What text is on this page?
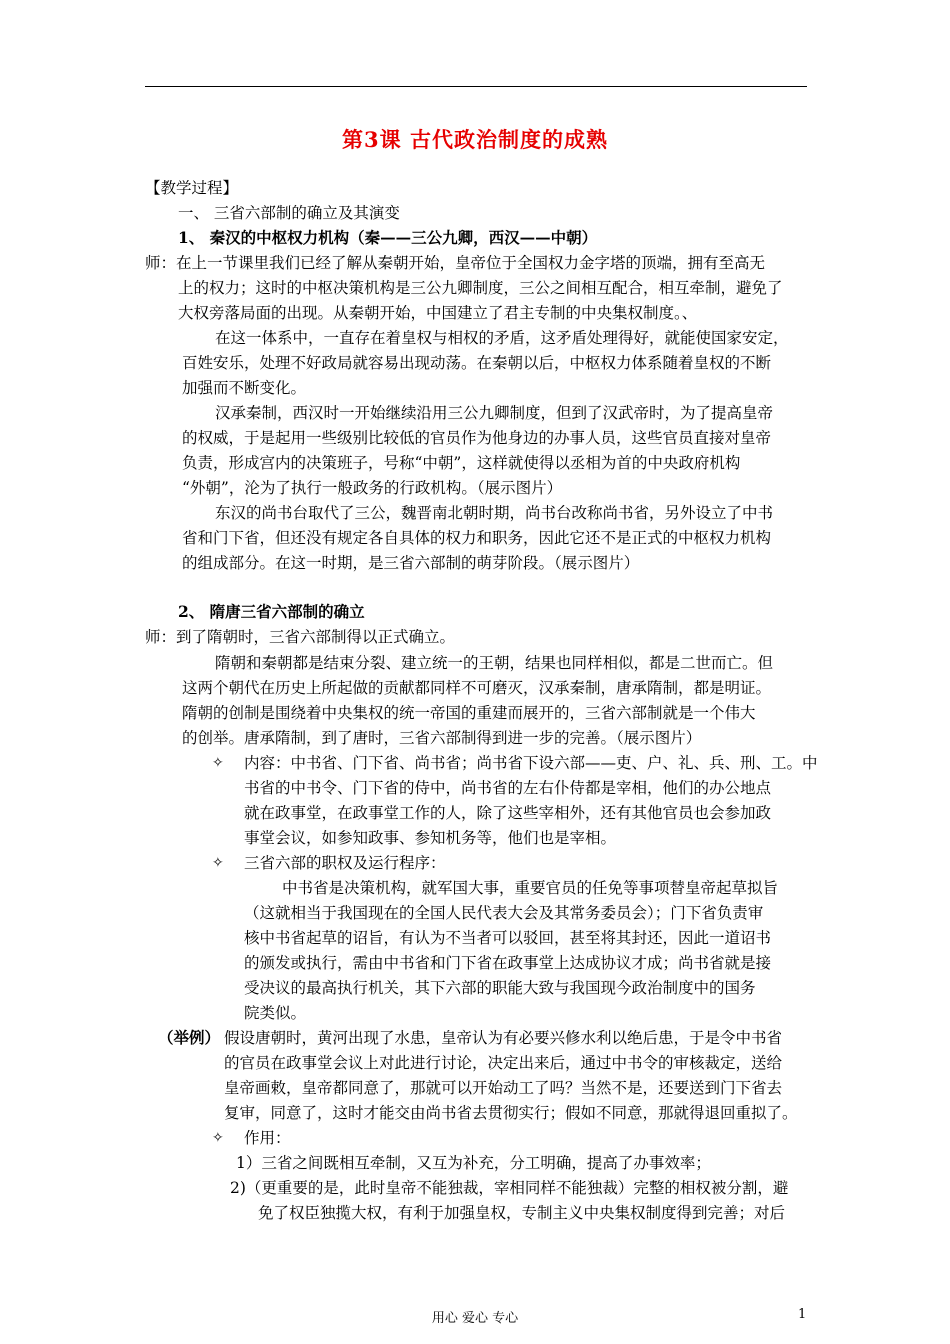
第3课 古代政治制度的成熟
【教学过程】
一、 三省六部制的确立及其演变
1、 秦汉的中枢权力机构（秦——三公九卿，西汉——中朝）
师：在上一节课里我们已经了解从秦朝开始，皇帝位于全国权力金字塔的顶端，拥有至高无
上的权力；这时的中枢决策机构是三公九卿制度，三公之间相互配合，相互牵制，避免了
大权旁落局面的出现。从秦朝开始，中国建立了君主专制的中央集权制度。、
在这一体系中，一直存在着皇权与相权的矛盾，这矛盾处理得好，就能使国家安定，
百姓安乐，处理不好政局就容易出现动荡。在秦朝以后，中枢权力体系随着皇权的不断
加强而不断变化。
汉承秦制，西汉时一开始继续沿用三公九卿制度，但到了汉武帝时，为了提高皇帝
的权威，于是起用一些级别比较低的官员作为他身边的办事人员，这些官员直接对皇帝
负责，形成宫内的决策班子，号称“中朝”，这样就使得以丞相为首的中央政府机构
“外朝”，沦为了执行一般政务的行政机构。（展示图片）
东汉的尚书台取代了三公，魏晋南北朝时期，尚书台改称尚书省，另外设立了中书
省和门下省，但还没有规定各自具体的权力和职务，因此它还不是正式的中枢权力机构
的组成部分。在这一时期，是三省六部制的萌芽阶段。（展示图片）
2、 隋唐三省六部制的确立
师：到了隋朝时，三省六部制得以正式确立。
隋朝和秦朝都是结束分裂、建立统一的王朝，结果也同样相似，都是二世而亡。但
这两个朝代在历史上所起做的贡献都同样不可磨灭，汉承秦制，唐承隋制，都是明证。
隋朝的创制是围绕着中央集权的统一帝国的重建而展开的，三省六部制就是一个伟大
的创举。唐承隋制，到了唐时，三省六部制得到进一步的完善。（展示图片）
✧ 内容：中书省、门下省、尚书省；尚书省下设六部——吏、户、礼、兵、刑、工。中
书省的中书令、门下省的侍中，尚书省的左右仆侍都是宰相，他们的办公地点
就在政事堂，在政事堂工作的人，除了这些宰相外，还有其他官员也会参加政
事堂会议，如参知政事、参知机务等，他们也是宰相。
✧ 三省六部的职权及运行程序：
中书省是决策机构，就军国大事，重要官员的任免等事项替皇帝起草拟旨
（这就相当于我国现在的全国人民代表大会及其常务委员会）；门下省负责审
核中书省起草的诏旨，有认为不当者可以驳回，甚至将其封还，因此一道诏书
的颁发或执行，需由中书省和门下省在政事堂上达成协议才成；尚书省就是接
受决议的最高执行机关，其下六部的职能大致与我国现今政治制度中的国务
院类似。
（举例） 假设唐朝时，黄河出现了水患，皇帝认为有必要兴修水利以绝后患，于是令中书省
的官员在政事堂会议上对此进行讨论，决定出来后，通过中书令的审核裁定，送给
皇帝画敕，皇帝都同意了，那就可以开始动工了吗？当然不是，还要送到门下省去
复审，同意了，这时才能交由尚书省去贯彻实行；假如不同意，那就得退回重拟了。
✧ 作用：
1）三省之间既相互牵制，又互为补充，分工明确，提高了办事效率；
2)（更重要的是，此时皇帝不能独裁，宰相同样不能独裁）完整的相权被分割，避
免了权臣独揽大权，有利于加强皇权，专制主义中央集权制度得到完善；对后
用心 爱心 专心	1
